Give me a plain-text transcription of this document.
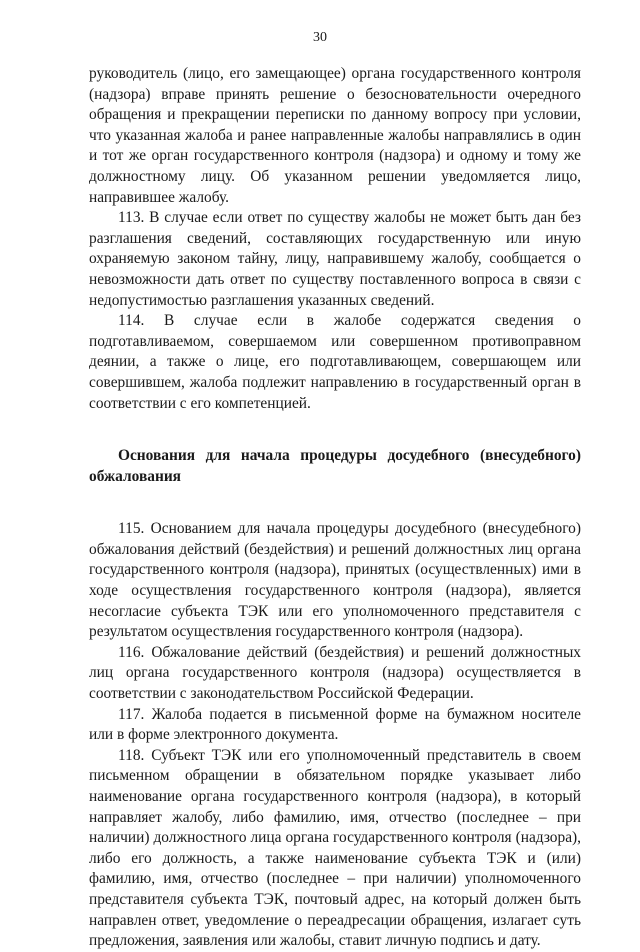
30

руководитель (лицо, его замещающее) органа государственного контроля (надзора) вправе принять решение о безосновательности очередного обращения и прекращении переписки по данному вопросу при условии, что указанная жалоба и ранее направленные жалобы направлялись в один и тот же орган государственного контроля (надзора) и одному и тому же должностному лицу. Об указанном решении уведомляется лицо, направившее жалобу.

113. В случае если ответ по существу жалобы не может быть дан без разглашения сведений, составляющих государственную или иную охраняемую законом тайну, лицу, направившему жалобу, сообщается о невозможности дать ответ по существу поставленного вопроса в связи с недопустимостью разглашения указанных сведений.

114. В случае если в жалобе содержатся сведения о подготавливаемом, совершаемом или совершенном противоправном деянии, а также о лице, его подготавливающем, совершающем или совершившем, жалоба подлежит направлению в государственный орган в соответствии с его компетенцией.

Основания для начала процедуры досудебного (внесудебного) обжалования

115. Основанием для начала процедуры досудебного (внесудебного) обжалования действий (бездействия) и решений должностных лиц органа государственного контроля (надзора), принятых (осуществленных) ими в ходе осуществления государственного контроля (надзора), является несогласие субъекта ТЭК или его уполномоченного представителя с результатом осуществления государственного контроля (надзора).

116. Обжалование действий (бездействия) и решений должностных лиц органа государственного контроля (надзора) осуществляется в соответствии с законодательством Российской Федерации.

117. Жалоба подается в письменной форме на бумажном носителе или в форме электронного документа.

118. Субъект ТЭК или его уполномоченный представитель в своем письменном обращении в обязательном порядке указывает либо наименование органа государственного контроля (надзора), в который направляет жалобу, либо фамилию, имя, отчество (последнее – при наличии) должностного лица органа государственного контроля (надзора), либо его должность, а также наименование субъекта ТЭК и (или) фамилию, имя, отчество (последнее – при наличии) уполномоченного представителя субъекта ТЭК, почтовый адрес, на который должен быть направлен ответ, уведомление о переадресации обращения, излагает суть предложения, заявления или жалобы, ставит личную подпись и дату.
